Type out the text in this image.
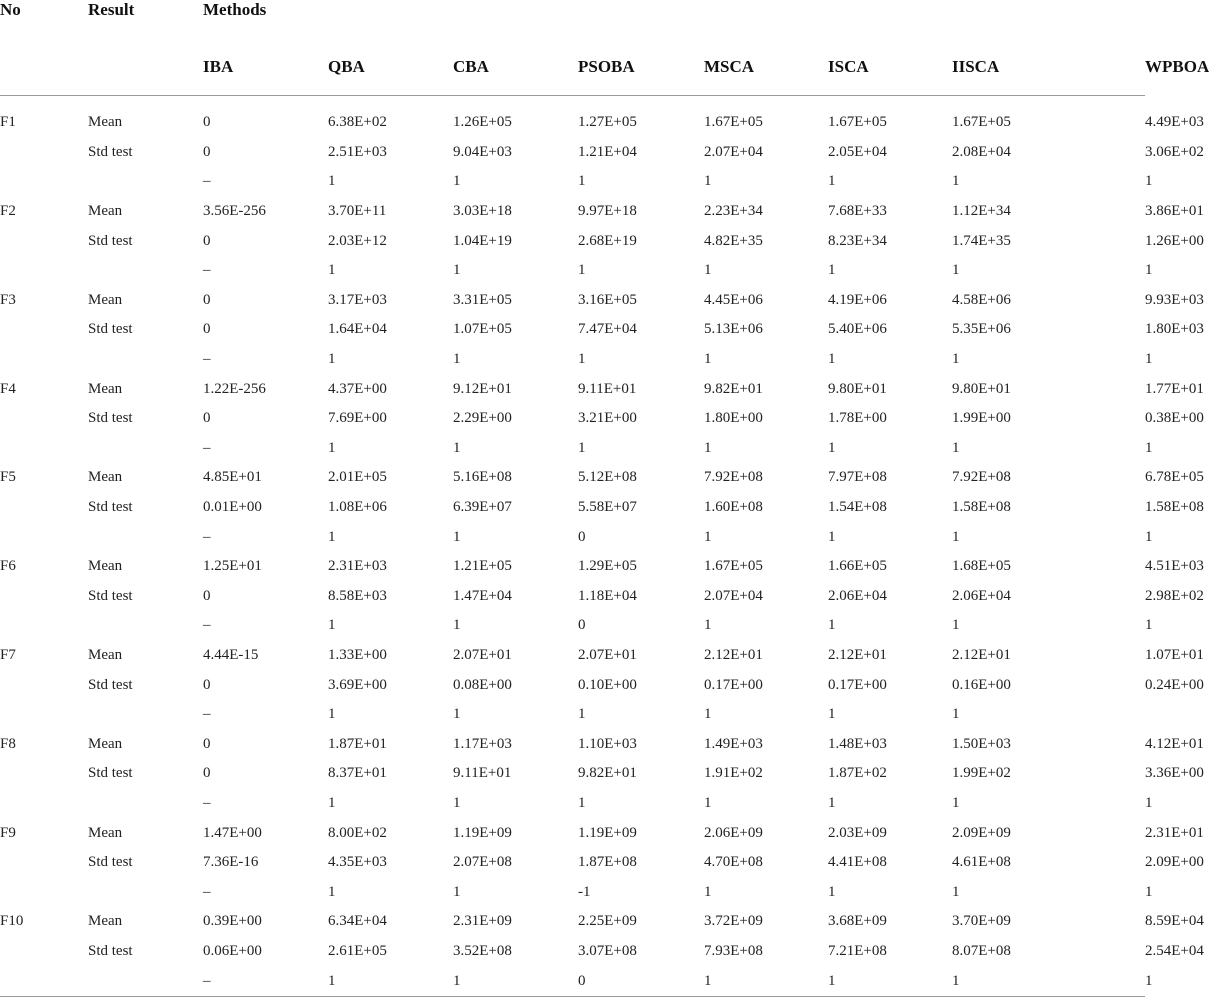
No	Result	Methods							
		IBA	QBA	CBA	PSOBA	MSCA	ISCA	IISCA	WPBOA

F1	Mean	0	6.38E+02	1.26E+05	1.27E+05	1.67E+05	1.67E+05	1.67E+05	4.49E+03
	Std test	0	2.51E+03	9.04E+03	1.21E+04	2.07E+04	2.05E+04	2.08E+04	3.06E+02
		–	1	1	1	1	1	1	1
F2	Mean	3.56E-256	3.70E+11	3.03E+18	9.97E+18	2.23E+34	7.68E+33	1.12E+34	3.86E+01
	Std test	0	2.03E+12	1.04E+19	2.68E+19	4.82E+35	8.23E+34	1.74E+35	1.26E+00
		–	1	1	1	1	1	1	1
F3	Mean	0	3.17E+03	3.31E+05	3.16E+05	4.45E+06	4.19E+06	4.58E+06	9.93E+03
	Std test	0	1.64E+04	1.07E+05	7.47E+04	5.13E+06	5.40E+06	5.35E+06	1.80E+03
		–	1	1	1	1	1	1	1
F4	Mean	1.22E-256	4.37E+00	9.12E+01	9.11E+01	9.82E+01	9.80E+01	9.80E+01	1.77E+01
	Std test	0	7.69E+00	2.29E+00	3.21E+00	1.80E+00	1.78E+00	1.99E+00	0.38E+00
		–	1	1	1	1	1	1	1
F5	Mean	4.85E+01	2.01E+05	5.16E+08	5.12E+08	7.92E+08	7.97E+08	7.92E+08	6.78E+05
	Std test	0.01E+00	1.08E+06	6.39E+07	5.58E+07	1.60E+08	1.54E+08	1.58E+08	1.58E+08
		–	1	1	0	1	1	1	1
F6	Mean	1.25E+01	2.31E+03	1.21E+05	1.29E+05	1.67E+05	1.66E+05	1.68E+05	4.51E+03
	Std test	0	8.58E+03	1.47E+04	1.18E+04	2.07E+04	2.06E+04	2.06E+04	2.98E+02
		–	1	1	0	1	1	1	1
F7	Mean	4.44E-15	1.33E+00	2.07E+01	2.07E+01	2.12E+01	2.12E+01	2.12E+01	1.07E+01
	Std test	0	3.69E+00	0.08E+00	0.10E+00	0.17E+00	0.17E+00	0.16E+00	0.24E+00
		–	1	1	1	1	1	1	
F8	Mean	0	1.87E+01	1.17E+03	1.10E+03	1.49E+03	1.48E+03	1.50E+03	4.12E+01
	Std test	0	8.37E+01	9.11E+01	9.82E+01	1.91E+02	1.87E+02	1.99E+02	3.36E+00
		–	1	1	1	1	1	1	1
F9	Mean	1.47E+00	8.00E+02	1.19E+09	1.19E+09	2.06E+09	2.03E+09	2.09E+09	2.31E+01
	Std test	7.36E-16	4.35E+03	2.07E+08	1.87E+08	4.70E+08	4.41E+08	4.61E+08	2.09E+00
		–	1	1	-1	1	1	1	1
F10	Mean	0.39E+00	6.34E+04	2.31E+09	2.25E+09	3.72E+09	3.68E+09	3.70E+09	8.59E+04
	Std test	0.06E+00	2.61E+05	3.52E+08	3.07E+08	7.93E+08	7.21E+08	8.07E+08	2.54E+04
		–	1	1	0	1	1	1	1
